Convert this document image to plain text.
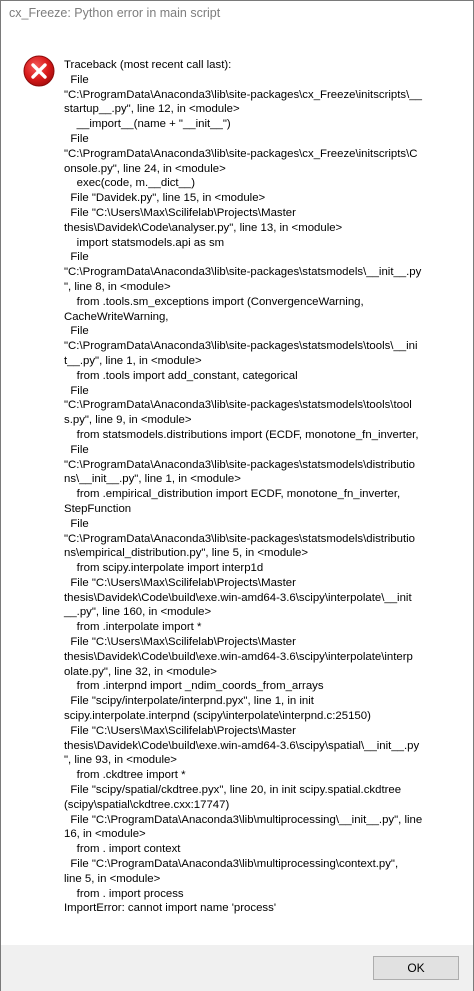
cx_Freeze: Python error in main script
Traceback (most recent call last):
File
"C:\ProgramData\Anaconda3\lib\site-packages\cx_Freeze\initscripts\__
startup__.py", line 12, in <module>
__import__(name + "__init__")
File
"C:\ProgramData\Anaconda3\lib\site-packages\cx_Freeze\initscripts\C
onsole.py", line 24, in <module>
exec(code, m.__dict__)
File "Davidek.py", line 15, in <module>
File "C:\Users\Max\Scilifelab\Projects\Master
thesis\Davidek\Code\analyser.py", line 13, in <module>
import statsmodels.api as sm
File
"C:\ProgramData\Anaconda3\lib\site-packages\statsmodels\__init__.py
", line 8, in <module>
from .tools.sm_exceptions import (ConvergenceWarning,
CacheWriteWarning,
File
"C:\ProgramData\Anaconda3\lib\site-packages\statsmodels\tools\__ini
t__.py", line 1, in <module>
from .tools import add_constant, categorical
File
"C:\ProgramData\Anaconda3\lib\site-packages\statsmodels\tools\tool
s.py", line 9, in <module>
from statsmodels.distributions import (ECDF, monotone_fn_inverter,
File
"C:\ProgramData\Anaconda3\lib\site-packages\statsmodels\distributio
ns\__init__.py", line 1, in <module>
from .empirical_distribution import ECDF, monotone_fn_inverter,
StepFunction
File
"C:\ProgramData\Anaconda3\lib\site-packages\statsmodels\distributio
ns\empirical_distribution.py", line 5, in <module>
from scipy.interpolate import interp1d
File "C:\Users\Max\Scilifelab\Projects\Master
thesis\Davidek\Code\build\exe.win-amd64-3.6\scipy\interpolate\__init
__.py", line 160, in <module>
from .interpolate import *
File "C:\Users\Max\Scilifelab\Projects\Master
thesis\Davidek\Code\build\exe.win-amd64-3.6\scipy\interpolate\interp
olate.py", line 32, in <module>
from .interpnd import _ndim_coords_from_arrays
File "scipy/interpolate/interpnd.pyx", line 1, in init
scipy.interpolate.interpnd (scipy\interpolate\interpnd.c:25150)
File "C:\Users\Max\Scilifelab\Projects\Master
thesis\Davidek\Code\build\exe.win-amd64-3.6\scipy\spatial\__init__.py
", line 93, in <module>
from .ckdtree import *
File "scipy/spatial/ckdtree.pyx", line 20, in init scipy.spatial.ckdtree
(scipy\spatial\ckdtree.cxx:17747)
File "C:\ProgramData\Anaconda3\lib\multiprocessing\__init__.py", line
16, in <module>
from . import context
File "C:\ProgramData\Anaconda3\lib\multiprocessing\context.py",
line 5, in <module>
from . import process
ImportError: cannot import name 'process'
OK
